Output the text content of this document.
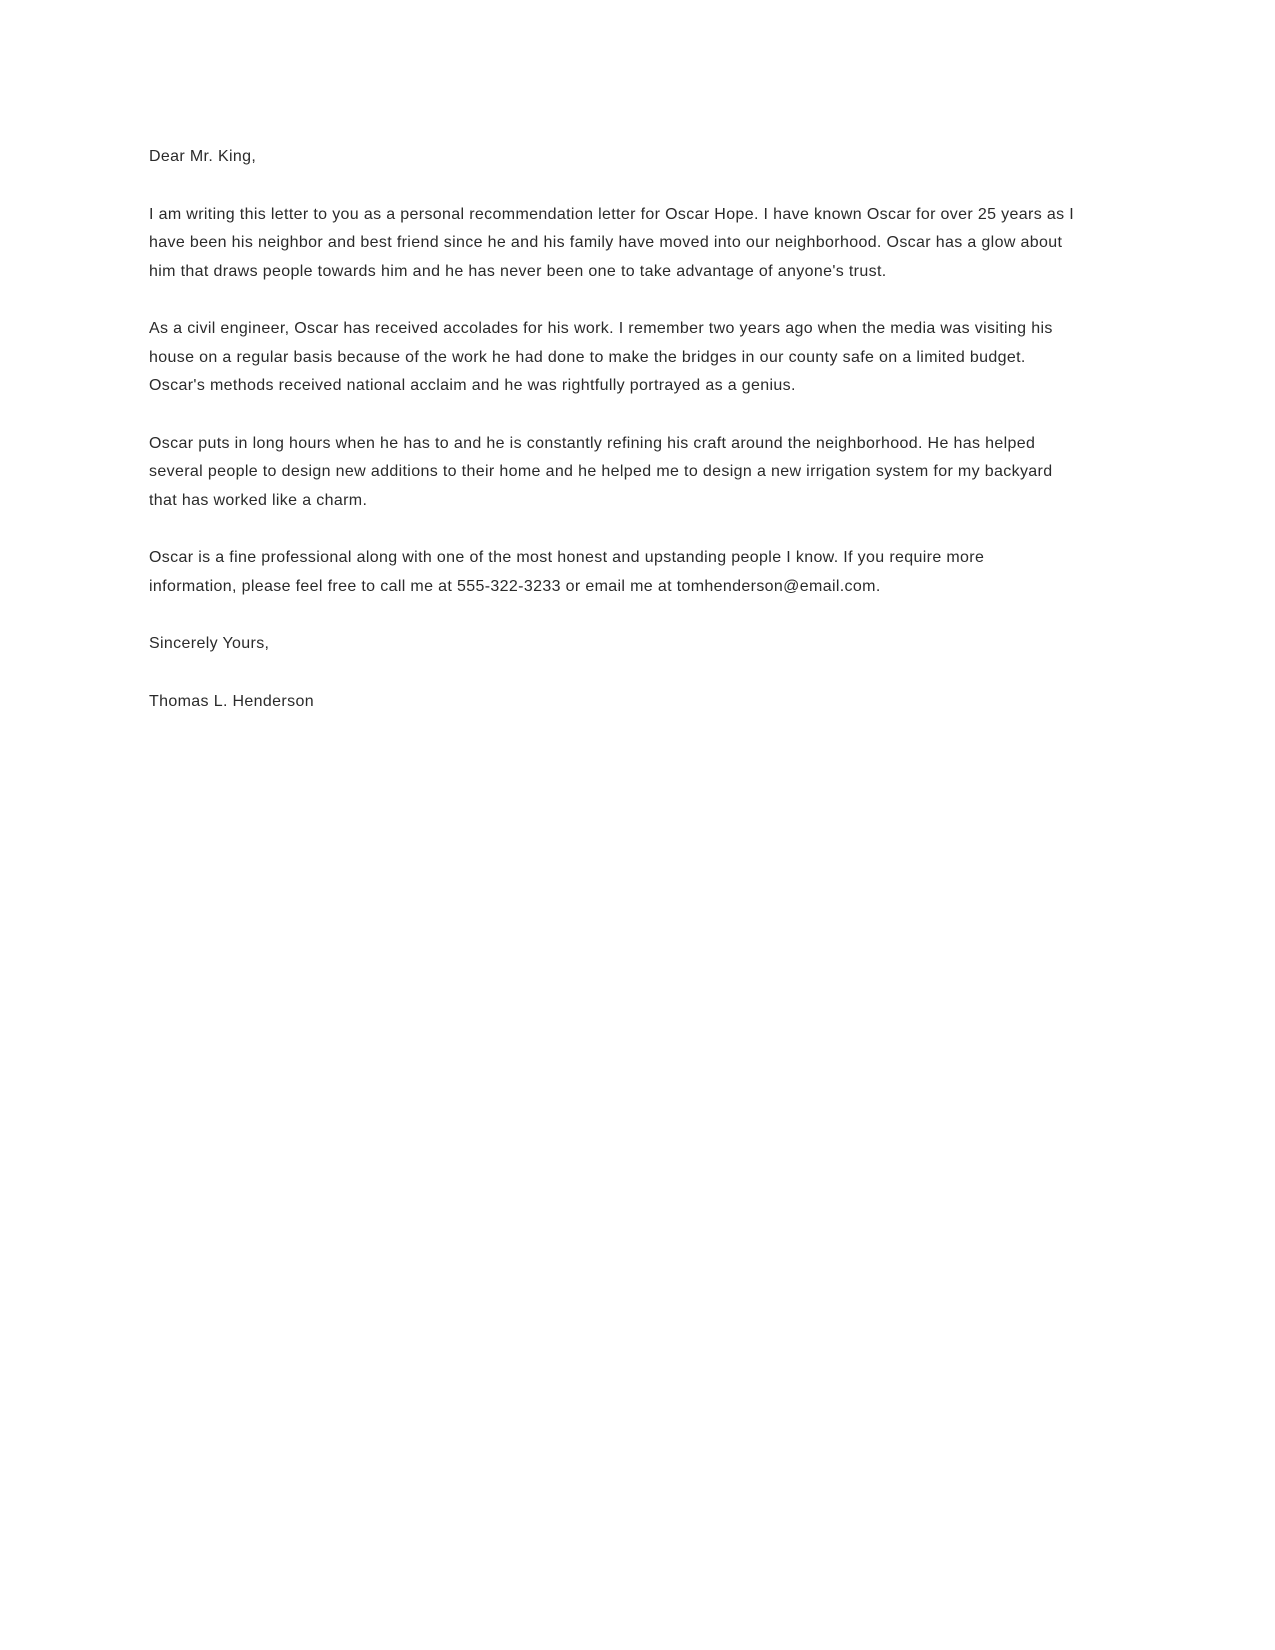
Dear Mr. King,

I am writing this letter to you as a personal recommendation letter for Oscar Hope. I have known Oscar for over 25 years as I
have been his neighbor and best friend since he and his family have moved into our neighborhood. Oscar has a glow about
him that draws people towards him and he has never been one to take advantage of anyone's trust.

As a civil engineer, Oscar has received accolades for his work. I remember two years ago when the media was visiting his
house on a regular basis because of the work he had done to make the bridges in our county safe on a limited budget.
Oscar's methods received national acclaim and he was rightfully portrayed as a genius.

Oscar puts in long hours when he has to and he is constantly refining his craft around the neighborhood. He has helped
several people to design new additions to their home and he helped me to design a new irrigation system for my backyard
that has worked like a charm.

Oscar is a fine professional along with one of the most honest and upstanding people I know. If you require more
information, please feel free to call me at 555-322-3233 or email me at tomhenderson@email.com.

Sincerely Yours,

Thomas L. Henderson
